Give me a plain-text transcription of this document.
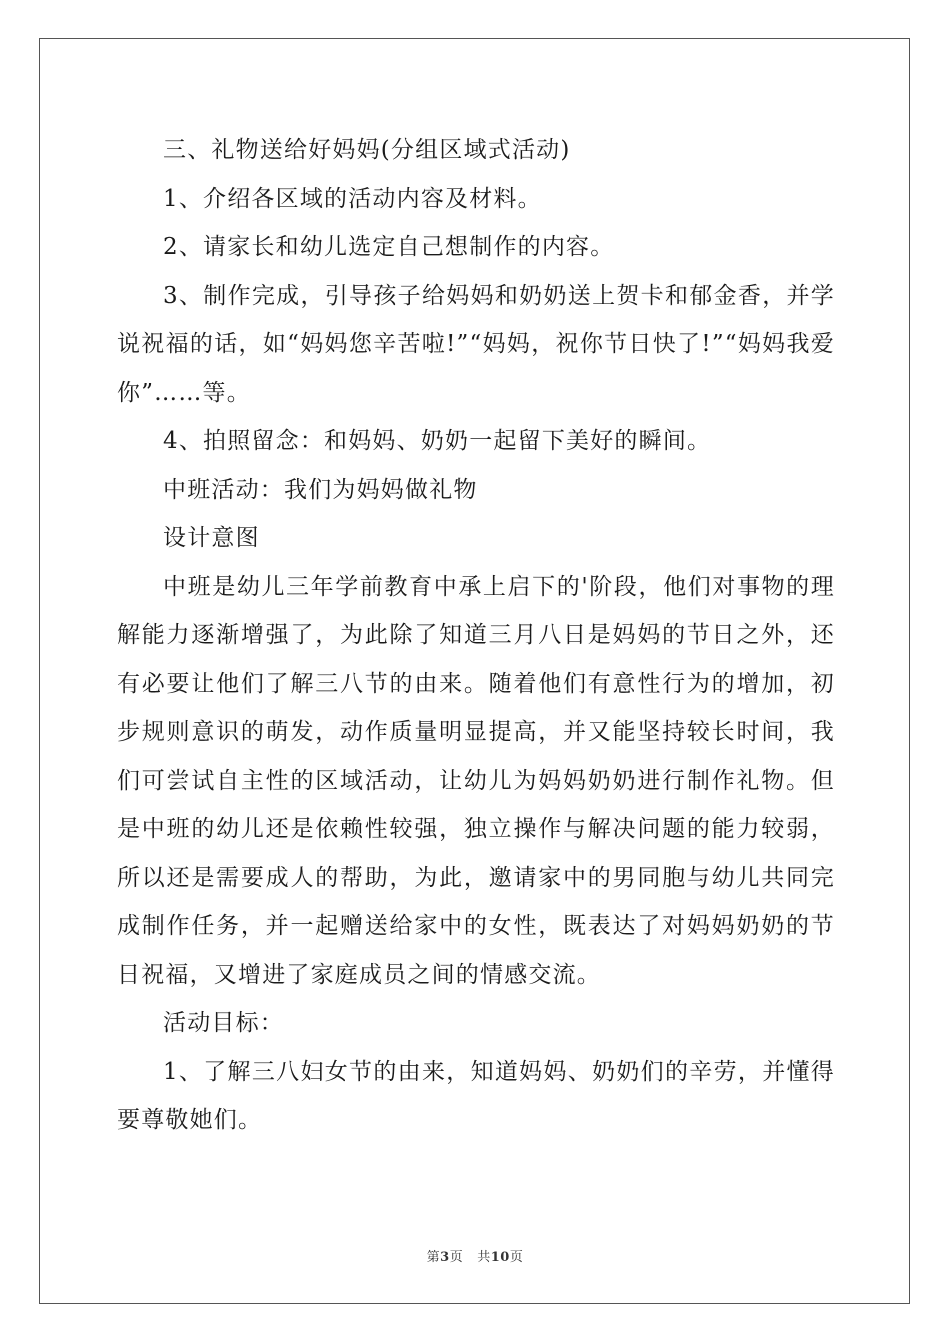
三、礼物送给好妈妈(分组区域式活动)

1、介绍各区域的活动内容及材料。

2、请家长和幼儿选定自己想制作的内容。

3、制作完成，引导孩子给妈妈和奶奶送上贺卡和郁金香，并学说祝福的话，如“妈妈您辛苦啦!”“妈妈，祝你节日快了!”“妈妈我爱你”……等。

4、拍照留念：和妈妈、奶奶一起留下美好的瞬间。

中班活动：我们为妈妈做礼物

设计意图

中班是幼儿三年学前教育中承上启下的'阶段，他们对事物的理解能力逐渐增强了，为此除了知道三月八日是妈妈的节日之外，还有必要让他们了解三八节的由来。随着他们有意性行为的增加，初步规则意识的萌发，动作质量明显提高，并又能坚持较长时间，我们可尝试自主性的区域活动，让幼儿为妈妈奶奶进行制作礼物。但是中班的幼儿还是依赖性较强，独立操作与解决问题的能力较弱，所以还是需要成人的帮助，为此，邀请家中的男同胞与幼儿共同完成制作任务，并一起赠送给家中的女性，既表达了对妈妈奶奶的节日祝福，又增进了家庭成员之间的情感交流。

活动目标：

1、了解三八妇女节的由来，知道妈妈、奶奶们的辛劳，并懂得要尊敬她们。

第3页 共10页
